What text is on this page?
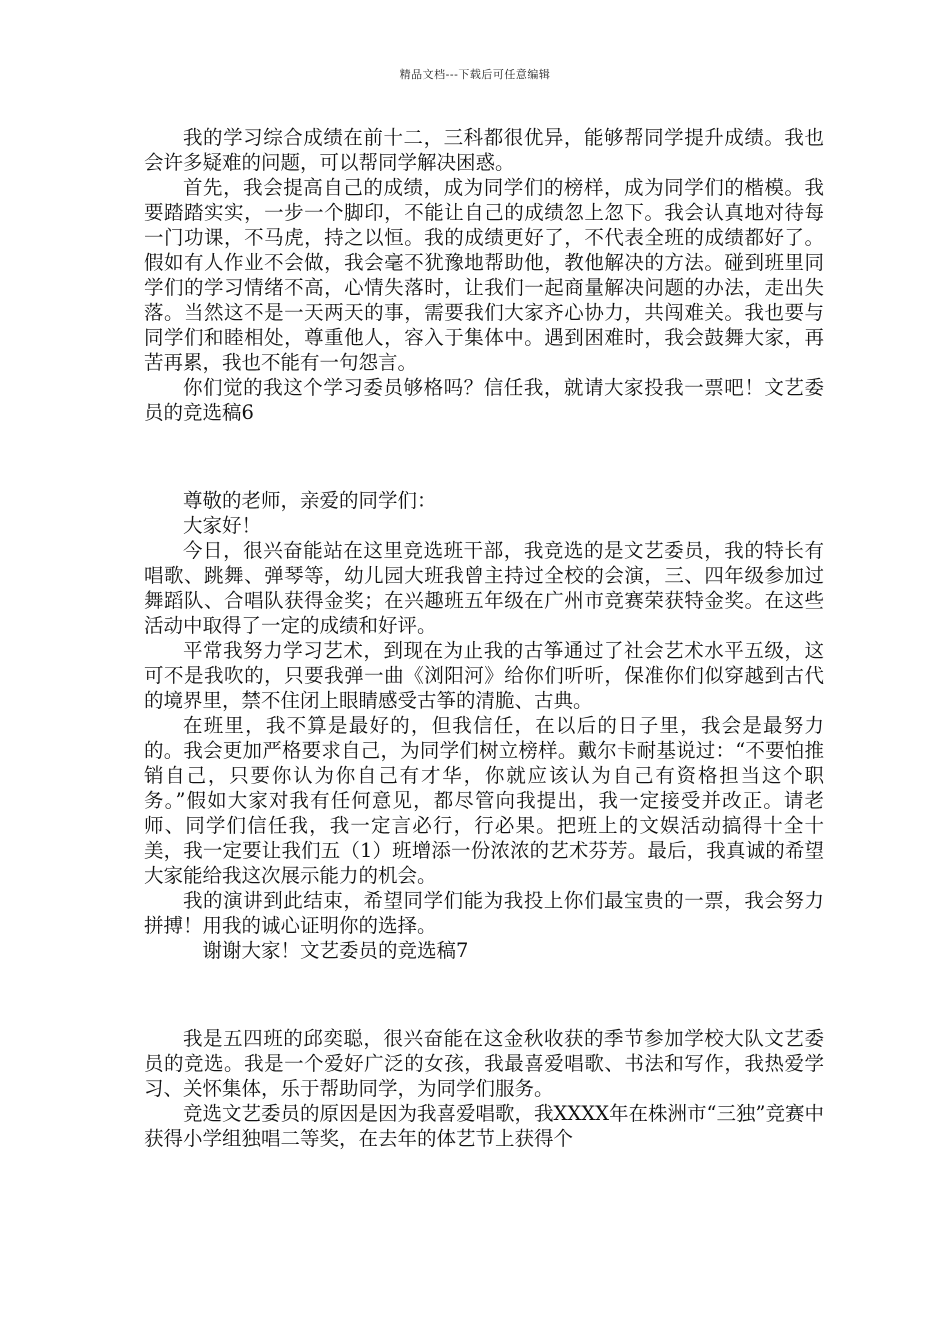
精品文档---下载后可任意编辑

我的学习综合成绩在前十二，三科都很优异，能够帮同学提升成绩。我也会许多疑难的问题，可以帮同学解决困惑。

首先，我会提高自己的成绩，成为同学们的榜样，成为同学们的楷模。我要踏踏实实，一步一个脚印，不能让自己的成绩忽上忽下。我会认真地对待每一门功课，不马虎，持之以恒。我的成绩更好了，不代表全班的成绩都好了。假如有人作业不会做，我会毫不犹豫地帮助他，教他解决的方法。碰到班里同学们的学习情绪不高，心情失落时，让我们一起商量解决问题的办法，走出失落。当然这不是一天两天的事，需要我们大家齐心协力，共闯难关。我也要与同学们和睦相处，尊重他人，容入于集体中。遇到困难时，我会鼓舞大家，再苦再累，我也不能有一句怨言。

你们觉的我这个学习委员够格吗？信任我，就请大家投我一票吧！文艺委员的竞选稿6

尊敬的老师，亲爱的同学们：

大家好！

今日，很兴奋能站在这里竞选班干部，我竞选的是文艺委员，我的特长有唱歌、跳舞、弹琴等，幼儿园大班我曾主持过全校的会演，三、四年级参加过舞蹈队、合唱队获得金奖；在兴趣班五年级在广州市竞赛荣获特金奖。在这些活动中取得了一定的成绩和好评。

平常我努力学习艺术，到现在为止我的古筝通过了社会艺术水平五级，这可不是我吹的，只要我弹一曲《浏阳河》给你们听听，保准你们似穿越到古代的境界里，禁不住闭上眼睛感受古筝的清脆、古典。

在班里，我不算是最好的，但我信任，在以后的日子里，我会是最努力的。我会更加严格要求自己，为同学们树立榜样。戴尔卡耐基说过：“不要怕推销自己，只要你认为你自己有才华，你就应该认为自己有资格担当这个职务。”假如大家对我有任何意见，都尽管向我提出，我一定接受并改正。请老师、同学们信任我，我一定言必行，行必果。把班上的文娱活动搞得十全十美，我一定要让我们五（1）班增添一份浓浓的艺术芬芳。最后，我真诚的希望大家能给我这次展示能力的机会。

我的演讲到此结束，希望同学们能为我投上你们最宝贵的一票，我会努力拼搏！用我的诚心证明你的选择。

谢谢大家！文艺委员的竞选稿7

我是五四班的邱奕聪，很兴奋能在这金秋收获的季节参加学校大队文艺委员的竞选。我是一个爱好广泛的女孩，我最喜爱唱歌、书法和写作，我热爱学习、关怀集体，乐于帮助同学，为同学们服务。

竞选文艺委员的原因是因为我喜爱唱歌，我XXXX年在株洲市“三独”竞赛中获得小学组独唱二等奖，在去年的体艺节上获得个
